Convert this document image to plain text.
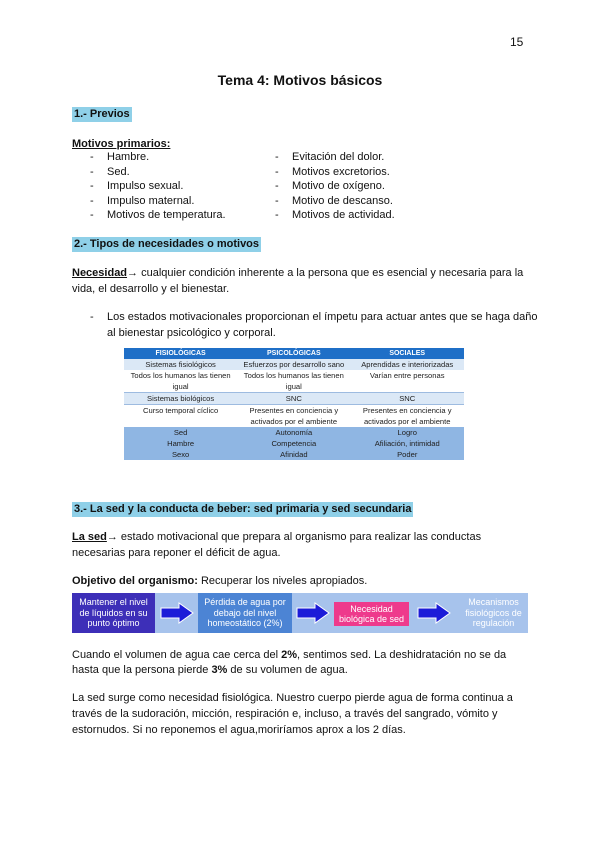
15
Tema 4: Motivos básicos
1.- Previos
Motivos primarios:
- Hambre.
- Sed.
- Impulso sexual.
- Impulso maternal.
- Motivos de temperatura.
- Evitación del dolor.
- Motivos excretorios.
- Motivo de oxígeno.
- Motivo de descanso.
- Motivos de actividad.
2.- Tipos de necesidades o motivos
Necesidad→ cualquier condición inherente a la persona que es esencial y necesaria para la vida, el desarrollo y el bienestar.
- Los estados motivacionales proporcionan el ímpetu para actuar antes que se haga daño al bienestar psicológico y corporal.
FISIOLÓGICAS	PSICOLÓGICAS	SOCIALES
Sistemas fisiológicos	Esfuerzos por desarrollo sano	Aprendidas e interiorizadas
Todos los humanos las tienen igual	Todos los humanos las tienen igual	Varían entre personas
Sistemas biológicos	SNC	SNC
Curso temporal cíclico	Presentes en conciencia y activados por el ambiente	Presentes en conciencia y activados por el ambiente
Sed	Autonomía	Logro
Hambre	Competencia	Afiliación, intimidad
Sexo	Afinidad	Poder
3.- La sed y la conducta de beber: sed primaria y sed secundaria
La sed→ estado motivacional que prepara al organismo para realizar las conductas necesarias para reponer el déficit de agua.
Objetivo del organismo: Recuperar los niveles apropiados.
Mantener el nivel de líquidos en su punto óptimo
Pérdida de agua por debajo del nivel homeostático (2%)
Necesidad biológica de sed
Mecanismos fisiológicos de regulación
Cuando el volumen de agua cae cerca del 2%, sentimos sed. La deshidratación no se da hasta que la persona pierde 3% de su volumen de agua.
La sed surge como necesidad fisiológica. Nuestro cuerpo pierde agua de forma continua a través de la sudoración, micción, respiración e, incluso, a través del sangrado, vómito y estornudos. Si no reponemos el agua,moriríamos aprox a los 2 días.
